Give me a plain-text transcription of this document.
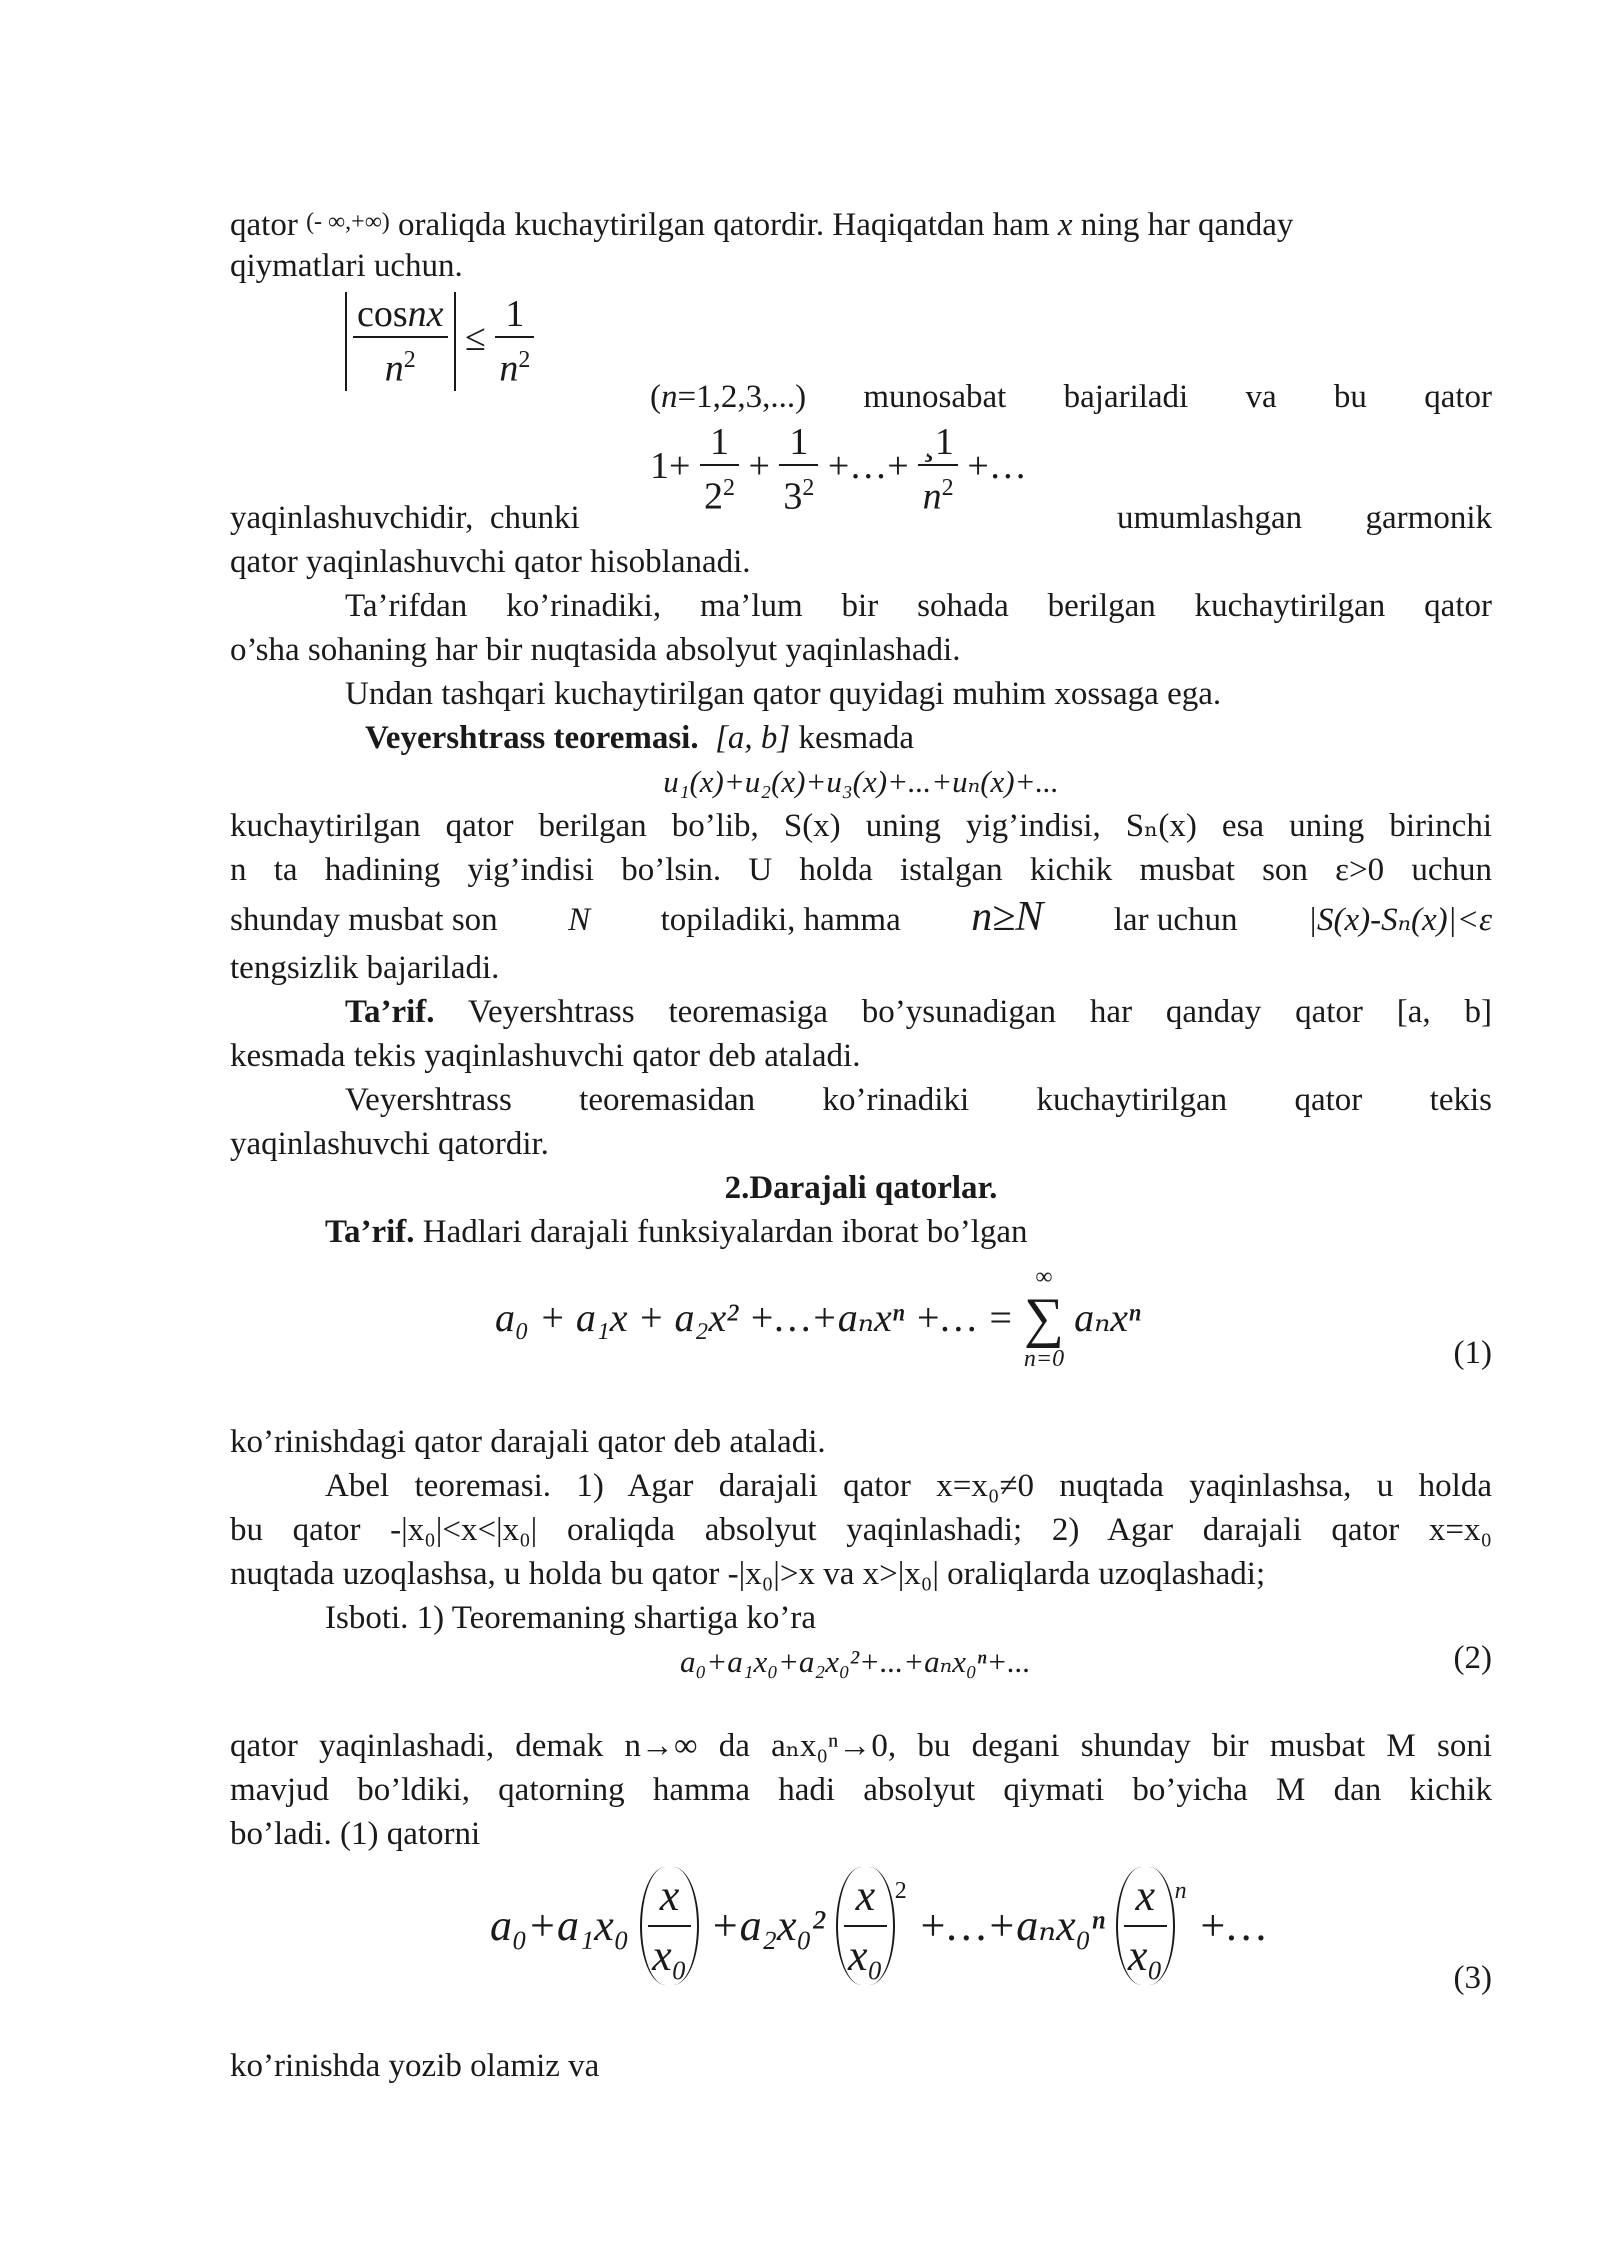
qator (- ∞,+∞) oraliqda kuchaytirilgan qatordir. Haqiqatdan ham x ning har qanday
qiymatlari uchun.
$\frac{\text{cosnx}}{n^2} \le \frac{1}{n^2}$
(n=1,2,3,...) munosabat bajariladi va bu qator
$1+ \frac{1}{2^2} + \frac{1}{3^2}$ +…+ $\frac{¸1}{n^2}$ +…
yaqinlashuvchidir, chunki	umumlashgan garmonik
qator yaqinlashuvchi qator hisoblanadi.
Ta’rifdan ko’rinadiki, ma’lum bir sohada berilgan kuchaytirilgan qator
o’sha sohaning har bir nuqtasida absolyut yaqinlashadi.
Undan tashqari kuchaytirilgan qator quyidagi muhim xossaga ega.
Veyershtrass teoremasi. [a, b] kesmada
u₁(x)+u₂(x)+u₃(x)+...+uₙ(x)+...
kuchaytirilgan qator berilgan bo’lib, S(x) uning yig’indisi, Sₙ(x) esa uning birinchi
n ta hadining yig’indisi bo’lsin. U holda istalgan kichik musbat son ε>0 uchun
shunday musbat son N topiladiki, hamma n≥N lar uchun |S(x)-Sₙ(x)|<ε
tengsizlik bajariladi.
Ta’rif. Veyershtrass teoremasiga bo’ysunadigan har qanday qator [a, b]
kesmada tekis yaqinlashuvchi qator deb ataladi.
Veyershtrass teoremasidan ko’rinadiki kuchaytirilgan qator tekis
yaqinlashuvchi qatordir.
2.Darajali qatorlar.
Ta’rif. Hadlari darajali funksiyalardan iborat bo’lgan
a₀ + a₁x + a₂x² +…+aₙxⁿ +… =
∞
∑
n=0
aₙxⁿ
(1)
ko’rinishdagi qator darajali qator deb ataladi.
Abel teoremasi. 1) Agar darajali qator x=x₀≠0 nuqtada yaqinlashsa, u holda
bu qator -|x₀|<x<|x₀| oraliqda absolyut yaqinlashadi; 2) Agar darajali qator x=x₀
nuqtada uzoqlashsa, u holda bu qator -|x₀|>x va x>|x₀| oraliqlarda uzoqlashadi;
Isboti. 1) Teoremaning shartiga ko’ra
a₀+a₁x₀+a₂x₀²+...+aₙx₀ⁿ+...	(2)
qator yaqinlashadi, demak n→∞ da aₙx₀ⁿ→0, bu degani shunday bir musbat M soni
mavjud bo’ldiki, qatorning hamma hadi absolyut qiymati bo’yicha M dan kichik
bo’ladi. (1) qatorni
$a_0+a_1x_0 \frac{x}{\text{x₀}} +a_2x_0^2 \frac{x}{\text{x₀}} ^2$ +…+aₙx₀ⁿ $\frac{x}{\text{x₀}} ^n$ +…
(3)
ko’rinishda yozib olamiz va
